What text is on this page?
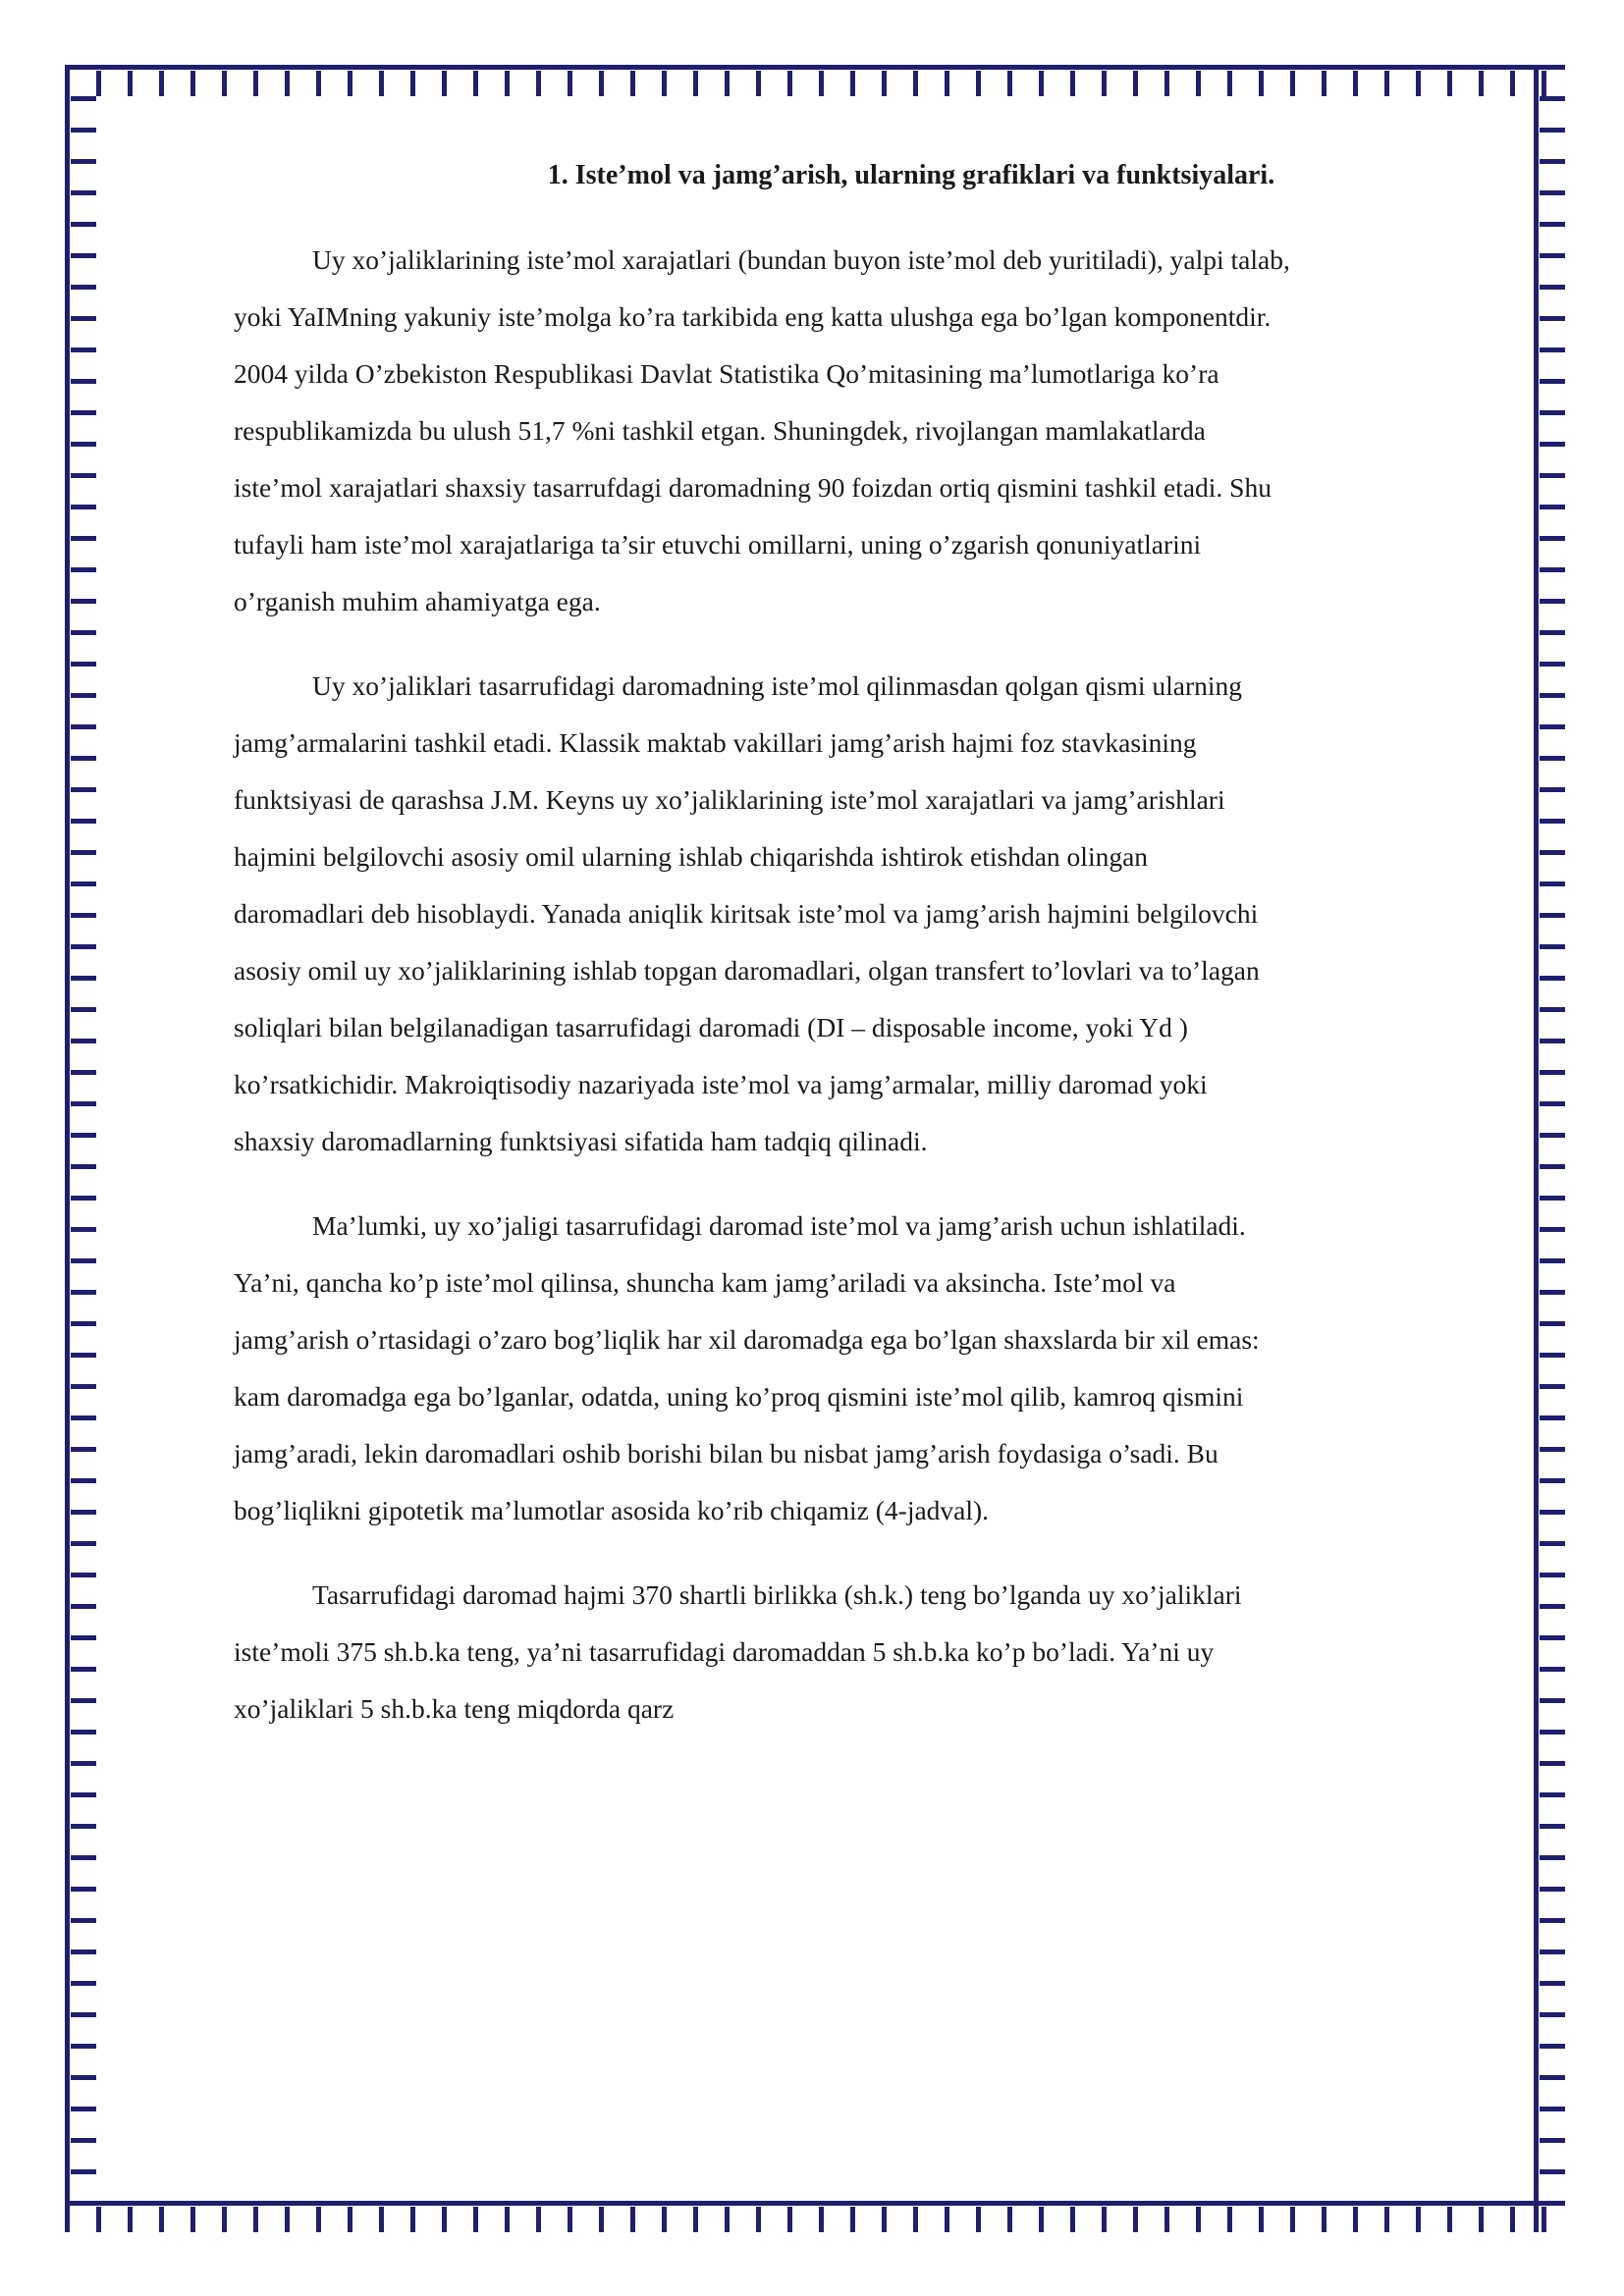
1. Iste’mol va jamg’arish, ularning grafiklari va funktsiyalari.
Uy xo’jaliklarining iste’mol xarajatlari (bundan buyon iste’mol deb yuritiladi), yalpi talab,
yoki YaIMning yakuniy iste’molga ko’ra tarkibida eng katta ulushga ega bo’lgan komponentdir.
2004 yilda O’zbekiston Respublikasi Davlat Statistika Qo’mitasining ma’lumotlariga ko’ra
respublikamizda bu ulush 51,7 %ni tashkil etgan. Shuningdek, rivojlangan mamlakatlarda
iste’mol xarajatlari shaxsiy tasarrufdagi daromadning 90 foizdan ortiq qismini tashkil etadi. Shu
tufayli ham iste’mol xarajatlariga ta’sir etuvchi omillarni, uning o’zgarish qonuniyatlarini
o’rganish muhim ahamiyatga ega.
Uy xo’jaliklari tasarrufidagi daromadning iste’mol qilinmasdan qolgan qismi ularning
jamg’armalarini tashkil etadi. Klassik maktab vakillari jamg’arish hajmi foz stavkasining
funktsiyasi de qarashsa J.M. Keyns uy xo’jaliklarining iste’mol xarajatlari va jamg’arishlari
hajmini belgilovchi asosiy omil ularning ishlab chiqarishda ishtirok etishdan olingan
daromadlari deb hisoblaydi. Yanada aniqlik kiritsak iste’mol va jamg’arish hajmini belgilovchi
asosiy omil uy xo’jaliklarining ishlab topgan daromadlari, olgan transfert to’lovlari va to’lagan
soliqlari bilan belgilanadigan tasarrufidagi daromadi (DI – disposable income, yoki Yd )
ko’rsatkichidir. Makroiqtisodiy nazariyada iste’mol va jamg’armalar, milliy daromad yoki
shaxsiy daromadlarning funktsiyasi sifatida ham tadqiq qilinadi.
Ma’lumki, uy xo’jaligi tasarrufidagi daromad iste’mol va jamg’arish uchun ishlatiladi.
Ya’ni, qancha ko’p iste’mol qilinsa, shuncha kam jamg’ariladi va aksincha. Iste’mol va
jamg’arish o’rtasidagi o’zaro bog’liqlik har xil daromadga ega bo’lgan shaxslarda bir xil emas:
kam daromadga ega bo’lganlar, odatda, uning ko’proq qismini iste’mol qilib, kamroq qismini
jamg’aradi, lekin daromadlari oshib borishi bilan bu nisbat jamg’arish foydasiga o’sadi. Bu
bog’liqlikni gipotetik ma’lumotlar asosida ko’rib chiqamiz (4-jadval).
Tasarrufidagi daromad hajmi 370 shartli birlikka (sh.k.) teng bo’lganda uy xo’jaliklari
iste’moli 375 sh.b.ka teng, ya’ni tasarrufidagi daromaddan 5 sh.b.ka ko’p bo’ladi. Ya’ni uy
xo’jaliklari 5 sh.b.ka teng miqdorda qarz
